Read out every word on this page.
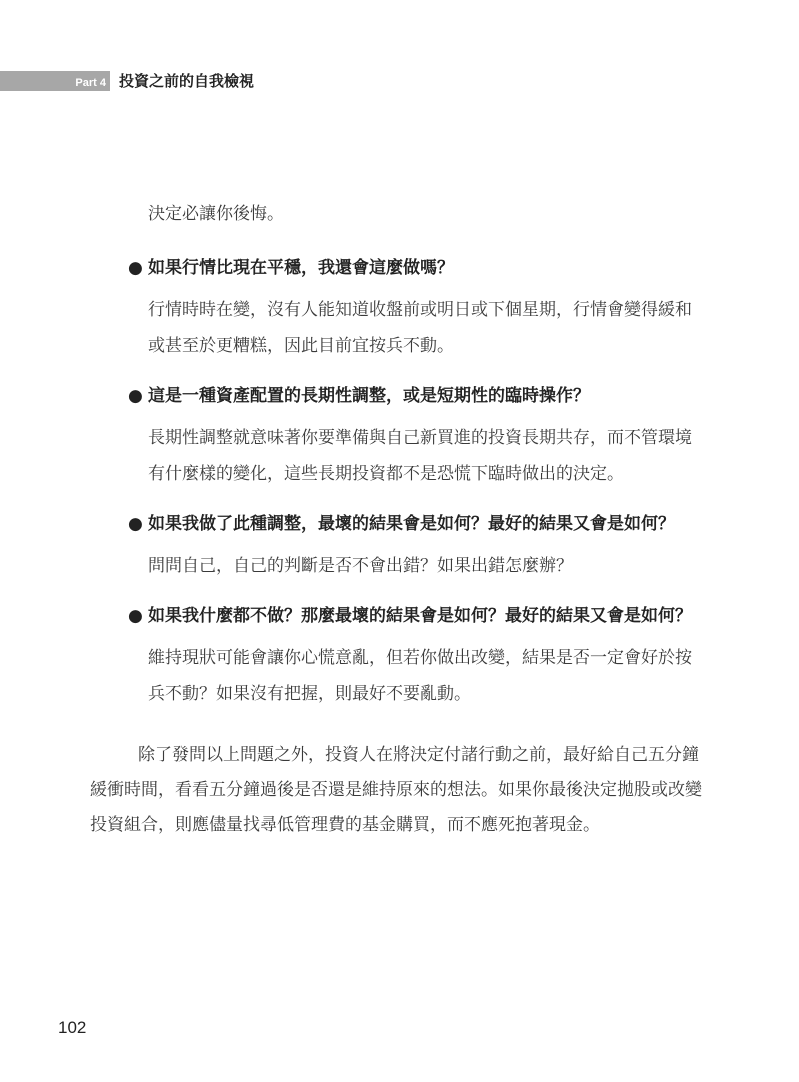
Part 4 投資之前的自我檢視

決定必讓你後悔。

● 如果行情比現在平穩，我還會這麼做嗎？

行情時時在變，沒有人能知道收盤前或明日或下個星期，行情會變得緩和或甚至於更糟糕，因此目前宜按兵不動。

● 這是一種資產配置的長期性調整，或是短期性的臨時操作？

長期性調整就意味著你要準備與自己新買進的投資長期共存，而不管環境有什麼樣的變化，這些長期投資都不是恐慌下臨時做出的決定。

● 如果我做了此種調整，最壞的結果會是如何？最好的結果又會是如何？

問問自己，自己的判斷是否不會出錯？如果出錯怎麼辦？

● 如果我什麼都不做？那麼最壞的結果會是如何？最好的結果又會是如何？

維持現狀可能會讓你心慌意亂，但若你做出改變，結果是否一定會好於按兵不動？如果沒有把握，則最好不要亂動。

除了發問以上問題之外，投資人在將決定付諸行動之前，最好給自己五分鐘緩衝時間，看看五分鐘過後是否還是維持原來的想法。如果你最後決定拋股或改變投資組合，則應儘量找尋低管理費的基金購買，而不應死抱著現金。

102
